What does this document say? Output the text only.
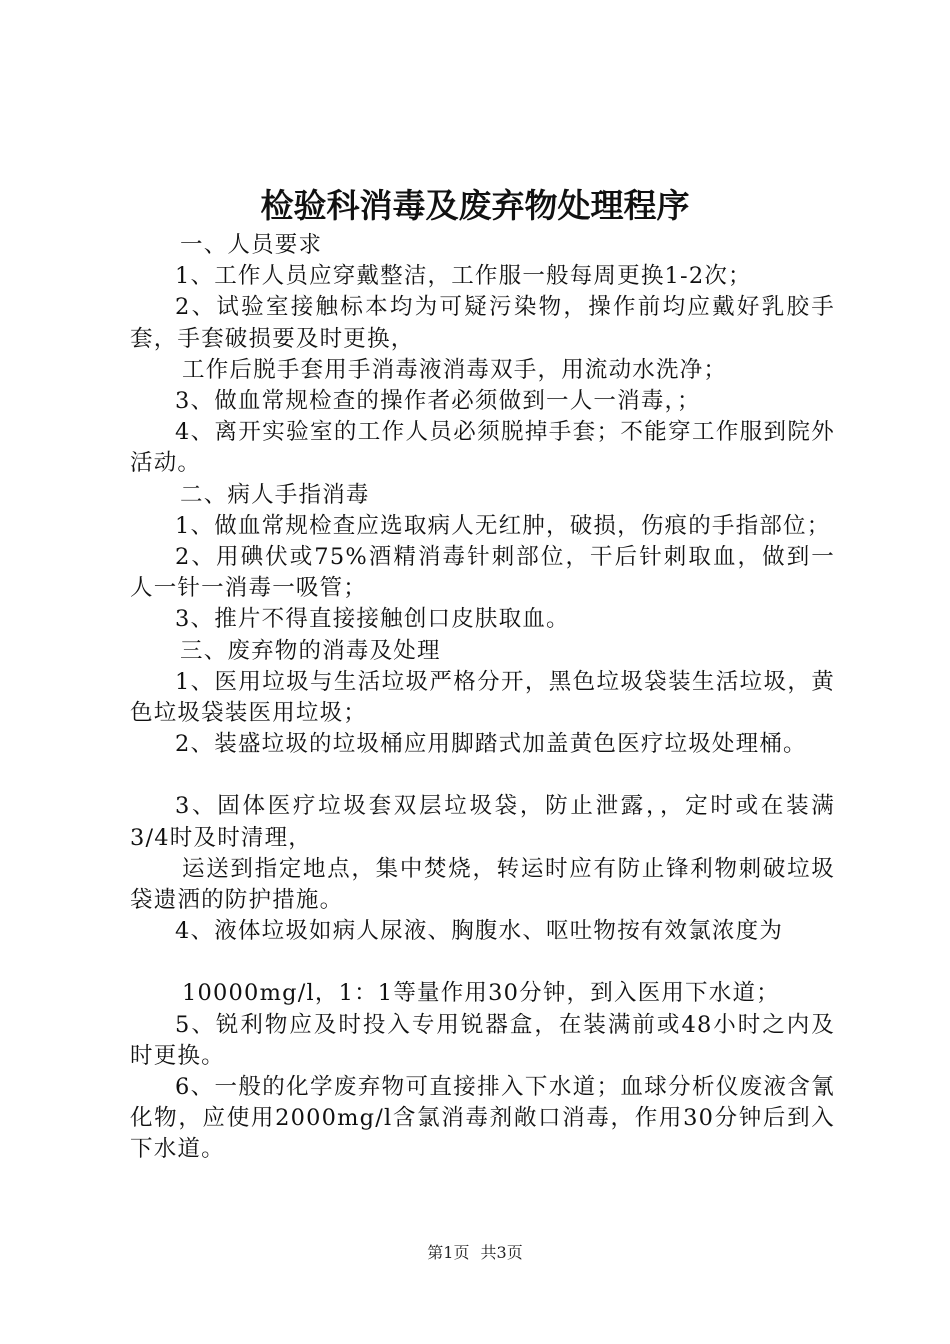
检验科消毒及废弃物处理程序

一、人员要求

1、工作人员应穿戴整洁，工作服一般每周更换1-2次；

2、试验室接触标本均为可疑污染物，操作前均应戴好乳胶手套，手套破损要及时更换，

工作后脱手套用手消毒液消毒双手，用流动水洗净；

3、做血常规检查的操作者必须做到一人一消毒，；

4、离开实验室的工作人员必须脱掉手套；不能穿工作服到院外活动。

二、病人手指消毒

1、做血常规检查应选取病人无红肿，破损，伤痕的手指部位；

2、用碘伏或75%酒精消毒针刺部位，干后针刺取血，做到一人一针一消毒一吸管；

3、推片不得直接接触创口皮肤取血。

三、废弃物的消毒及处理

1、医用垃圾与生活垃圾严格分开，黑色垃圾袋装生活垃圾，黄色垃圾袋装医用垃圾；

2、装盛垃圾的垃圾桶应用脚踏式加盖黄色医疗垃圾处理桶。

3、固体医疗垃圾套双层垃圾袋，防止泄露，，定时或在装满3/4时及时清理，

运送到指定地点，集中焚烧，转运时应有防止锋利物刺破垃圾袋遗洒的防护措施。

4、液体垃圾如病人尿液、胸腹水、呕吐物按有效氯浓度为

10000mg/l，1：1等量作用30分钟，到入医用下水道；

5、锐利物应及时投入专用锐器盒，在装满前或48小时之内及时更换。

6、一般的化学废弃物可直接排入下水道；血球分析仪废液含氰化物，应使用2000mg/l含氯消毒剂敞口消毒，作用30分钟后到入下水道。

第1页 共3页
